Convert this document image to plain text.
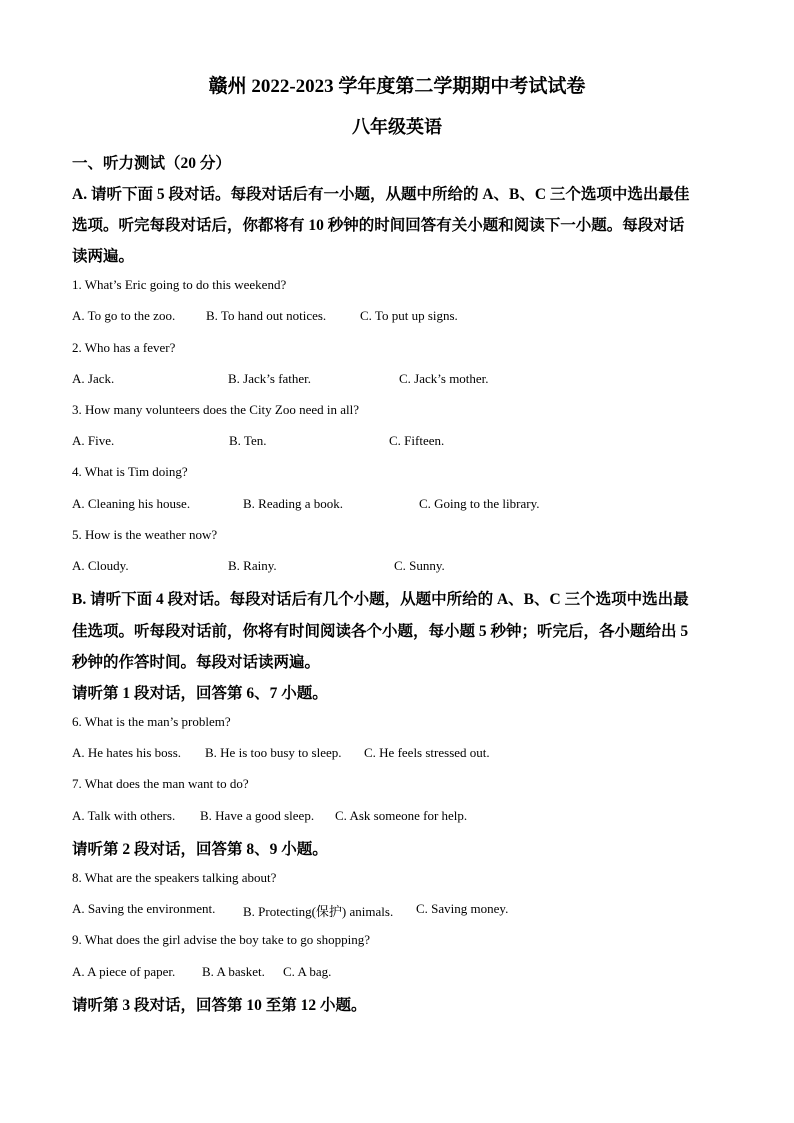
赣州 2022-2023 学年度第二学期期中考试试卷
八年级英语
一、听力测试（20 分）
A. 请听下面 5 段对话。每段对话后有一小题，从题中所给的 A、B、C 三个选项中选出最佳
选项。听完每段对话后，你都将有 10 秒钟的时间回答有关小题和阅读下一小题。每段对话
读两遍。
1. What’s Eric going to do this weekend?
A. To go to the zoo. B. To hand out notices.	C. To put up signs.
2. Who has a fever?
A. Jack.	B. Jack’s father.	C. Jack’s mother.
3. How many volunteers does the City Zoo need in all?
A. Five.	B. Ten.	C. Fifteen.
4. What is Tim doing?
A. Cleaning his house.	B. Reading a book.	C. Going to the library.
5. How is the weather now?
A. Cloudy.	B. Rainy.	C. Sunny.
B. 请听下面 4 段对话。每段对话后有几个小题，从题中所给的 A、B、C 三个选项中选出最
佳选项。听每段对话前，你将有时间阅读各个小题，每小题 5 秒钟；听完后，各小题给出 5
秒钟的作答时间。每段对话读两遍。
请听第 1 段对话，回答第 6、7 小题。
6. What is the man’s problem?
A. He hates his boss. B. He is too busy to sleep. C. He feels stressed out.
7. What does the man want to do?
A. Talk with others. B. Have a good sleep. C. Ask someone for help.
请听第 2 段对话，回答第 8、9 小题。
8. What are the speakers talking about?
A. Saving the environment. B. Protecting(保护) animals. C. Saving money.
9. What does the girl advise the boy take to go shopping?
A. A piece of paper. B. A basket. C. A bag.
请听第 3 段对话，回答第 10 至第 12 小题。
